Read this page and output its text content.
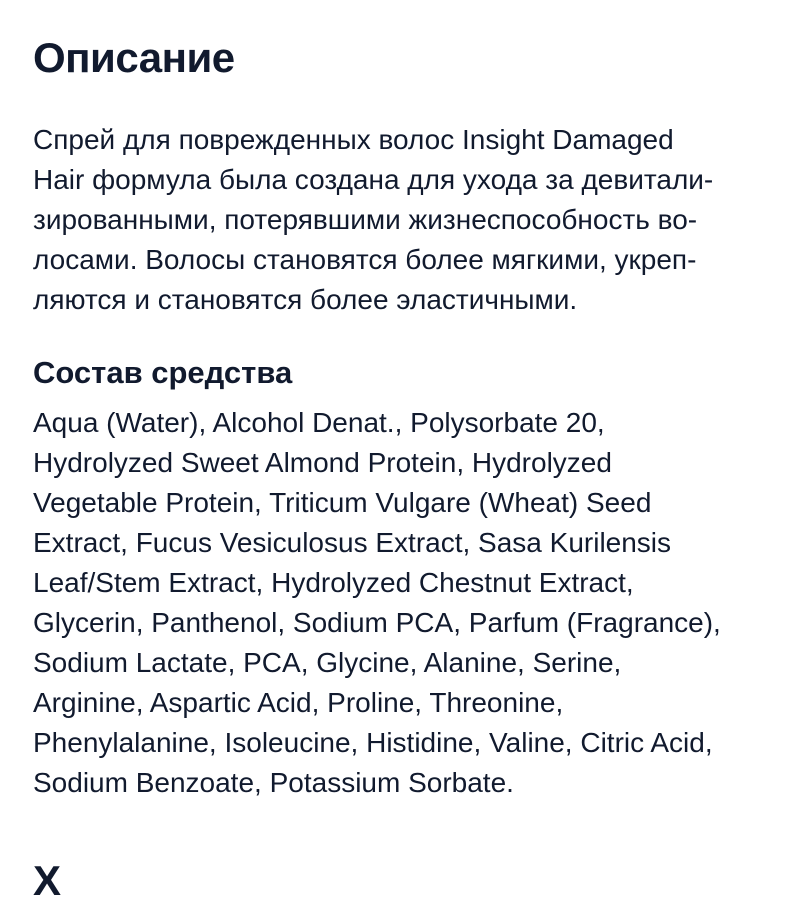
Описание

Спрей для поврежденных волос Insight Damaged
Hair формула была создана для ухода за девитали-
зированными, потерявшими жизнеспособность во-
лосами. Волосы становятся более мягкими, укреп-
ляются и становятся более эластичными.

Состав средства

Aqua (Water), Alcohol Denat., Polysorbate 20,
Hydrolyzed Sweet Almond Protein, Hydrolyzed
Vegetable Protein, Triticum Vulgare (Wheat) Seed
Extract, Fucus Vesiculosus Extract, Sasa Kurilensis
Leaf/Stem Extract, Hydrolyzed Chestnut Extract,
Glycerin, Panthenol, Sodium PCA, Parfum (Fragrance),
Sodium Lactate, PCA, Glycine, Alanine, Serine,
Arginine, Aspartic Acid, Proline, Threonine,
Phenylalanine, Isoleucine, Histidine, Valine, Citric Acid,
Sodium Benzoate, Potassium Sorbate.

Х
